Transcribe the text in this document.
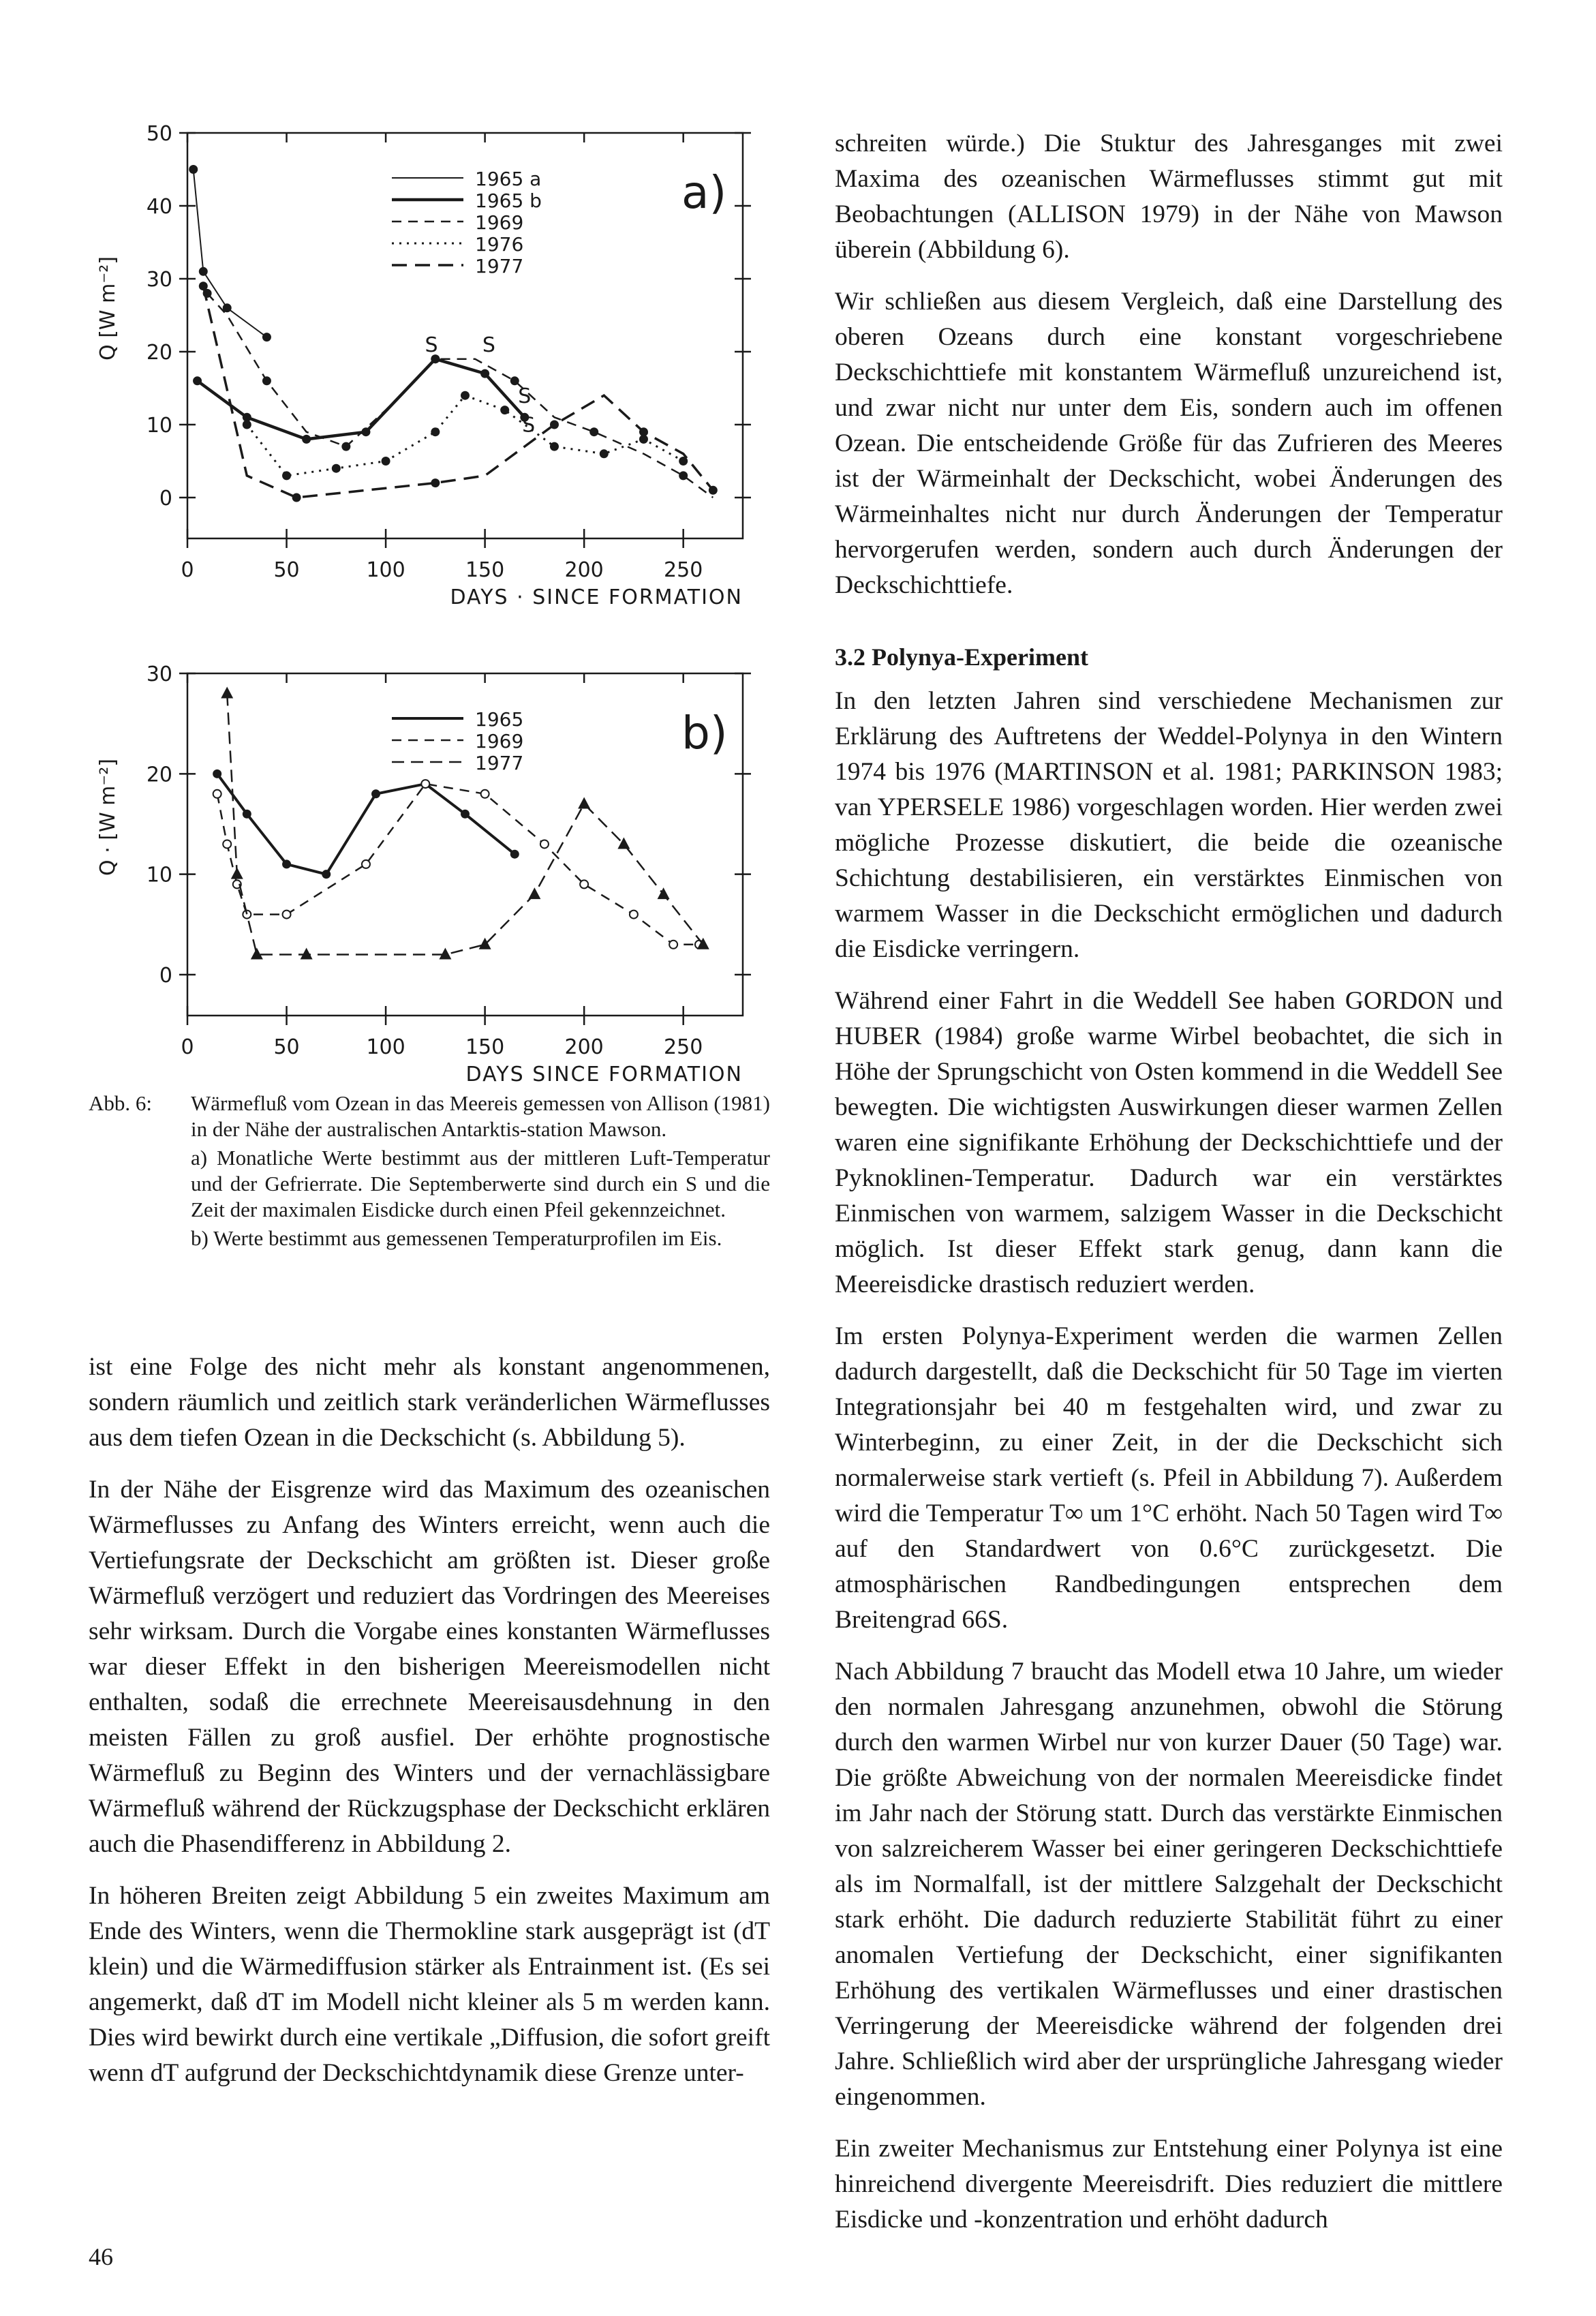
0
10
20
30
40
50
0	50	100	150	200	250
DAYS · SINCE FORMATION
Q [W m⁻²]
a)
1965 a
1965 b
1969
1976
1977
S S
S
S
0
10
20
30
0	50	100	150	200	250
DAYS SINCE FORMATION
Q · [W m⁻²]
b)
1965
1969
1977
Abb. 6:	Wärmefluß vom Ozean in das Meereis gemessen von Allison (1981) in der Nähe der australischen Antarktis-station Mawson.
a) Monatliche Werte bestimmt aus der mittleren Luft-Temperatur und der Gefrierrate. Die Septemberwerte sind durch ein S und die Zeit der maximalen Eisdicke durch einen Pfeil gekennzeichnet.
b) Werte bestimmt aus gemessenen Temperaturprofilen im Eis.

ist eine Folge des nicht mehr als konstant angenommenen, sondern räumlich und zeitlich stark veränderlichen Wärmeflusses aus dem tiefen Ozean in die Deckschicht (s. Abbildung 5).

In der Nähe der Eisgrenze wird das Maximum des ozeanischen Wärmeflusses zu Anfang des Winters erreicht, wenn auch die Vertiefungsrate der Deckschicht am größten ist. Dieser große Wärmefluß verzögert und reduziert das Vordringen des Meereises sehr wirksam. Durch die Vorgabe eines konstanten Wärmeflusses war dieser Effekt in den bisherigen Meereismodellen nicht enthalten, sodaß die errechnete Meereisausdehnung in den meisten Fällen zu groß ausfiel. Der erhöhte prognostische Wärmefluß zu Beginn des Winters und der vernachlässigbare Wärmefluß während der Rückzugsphase der Deckschicht erklären auch die Phasendifferenz in Abbildung 2.

In höheren Breiten zeigt Abbildung 5 ein zweites Maximum am Ende des Winters, wenn die Thermokline stark ausgeprägt ist (dT klein) und die Wärmediffusion stärker als Entrainment ist. (Es sei angemerkt, daß dT im Modell nicht kleiner als 5 m werden kann. Dies wird bewirkt durch eine vertikale „Diffusion, die sofort greift wenn dT aufgrund der Deckschichtdynamik diese Grenze unter-

schreiten würde.) Die Stuktur des Jahresganges mit zwei Maxima des ozeanischen Wärmeflusses stimmt gut mit Beobachtungen (ALLISON 1979) in der Nähe von Mawson überein (Abbildung 6).

Wir schließen aus diesem Vergleich, daß eine Darstellung des oberen Ozeans durch eine konstant vorgeschriebene Deckschichttiefe mit konstantem Wärmefluß unzureichend ist, und zwar nicht nur unter dem Eis, sondern auch im offenen Ozean. Die entscheidende Größe für das Zufrieren des Meeres ist der Wärmeinhalt der Deckschicht, wobei Änderungen des Wärmeinhaltes nicht nur durch Änderungen der Temperatur hervorgerufen werden, sondern auch durch Änderungen der Deckschichttiefe.

3.2 Polynya-Experiment

In den letzten Jahren sind verschiedene Mechanismen zur Erklärung des Auftretens der Weddel-Polynya in den Wintern 1974 bis 1976 (MARTINSON et al. 1981; PARKINSON 1983; van YPERSELE 1986) vorgeschlagen worden. Hier werden zwei mögliche Prozesse diskutiert, die beide die ozeanische Schichtung destabilisieren, ein verstärktes Einmischen von warmem Wasser in die Deckschicht ermöglichen und dadurch die Eisdicke verringern.

Während einer Fahrt in die Weddell See haben GORDON und HUBER (1984) große warme Wirbel beobachtet, die sich in Höhe der Sprungschicht von Osten kommend in die Weddell See bewegten. Die wichtigsten Auswirkungen dieser warmen Zellen waren eine signifikante Erhöhung der Deckschichttiefe und der Pyknoklinen-Temperatur. Dadurch war ein verstärktes Einmischen von warmem, salzigem Wasser in die Deckschicht möglich. Ist dieser Effekt stark genug, dann kann die Meereisdicke drastisch reduziert werden.

Im ersten Polynya-Experiment werden die warmen Zellen dadurch dargestellt, daß die Deckschicht für 50 Tage im vierten Integrationsjahr bei 40 m festgehalten wird, und zwar zu Winterbeginn, zu einer Zeit, in der die Deckschicht sich normalerweise stark vertieft (s. Pfeil in Abbildung 7). Außerdem wird die Temperatur T∞ um 1°C erhöht. Nach 50 Tagen wird T∞ auf den Standardwert von 0.6°C zurückgesetzt. Die atmosphärischen Randbedingungen entsprechen dem Breitengrad 66S.

Nach Abbildung 7 braucht das Modell etwa 10 Jahre, um wieder den normalen Jahresgang anzunehmen, obwohl die Störung durch den warmen Wirbel nur von kurzer Dauer (50 Tage) war. Die größte Abweichung von der normalen Meereisdicke findet im Jahr nach der Störung statt. Durch das verstärkte Einmischen von salzreicherem Wasser bei einer geringeren Deckschichttiefe als im Normalfall, ist der mittlere Salzgehalt der Deckschicht stark erhöht. Die dadurch reduzierte Stabilität führt zu einer anomalen Vertiefung der Deckschicht, einer signifikanten Erhöhung des vertikalen Wärmeflusses und einer drastischen Verringerung der Meereisdicke während der folgenden drei Jahre. Schließlich wird aber der ursprüngliche Jahresgang wieder eingenommen.

Ein zweiter Mechanismus zur Entstehung einer Polynya ist eine hinreichend divergente Meereisdrift. Dies reduziert die mittlere Eisdicke und -konzentration und erhöht dadurch

46
